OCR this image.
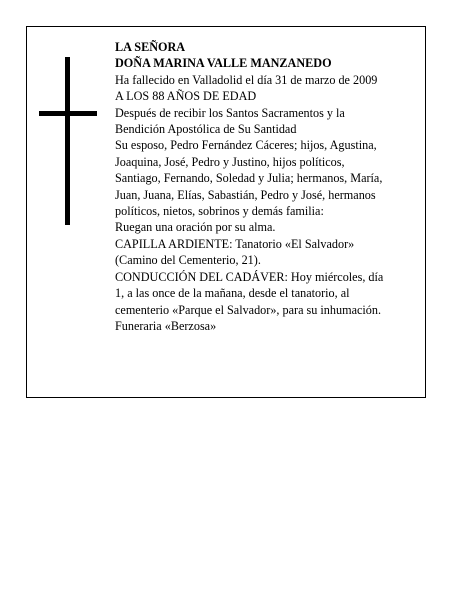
LA SEÑORA
DOÑA MARINA VALLE MANZANEDO
Ha fallecido en Valladolid el día 31 de marzo de 2009
A LOS 88 AÑOS DE EDAD
Después de recibir los Santos Sacramentos y la
Bendición Apostólica de Su Santidad
Su esposo, Pedro Fernández Cáceres; hijos, Agustina,
Joaquina, José, Pedro y Justino, hijos políticos,
Santiago, Fernando, Soledad y Julia; hermanos, María,
Juan, Juana, Elías, Sabastián, Pedro y José, hermanos
políticos, nietos, sobrinos y demás familia:
Ruegan una oración por su alma.
CAPILLA ARDIENTE: Tanatorio «El Salvador»
(Camino del Cementerio, 21).
CONDUCCIÓN DEL CADÁVER: Hoy miércoles, día
1, a las once de la mañana, desde el tanatorio, al
cementerio «Parque el Salvador», para su inhumación.
Funeraria «Berzosa»
